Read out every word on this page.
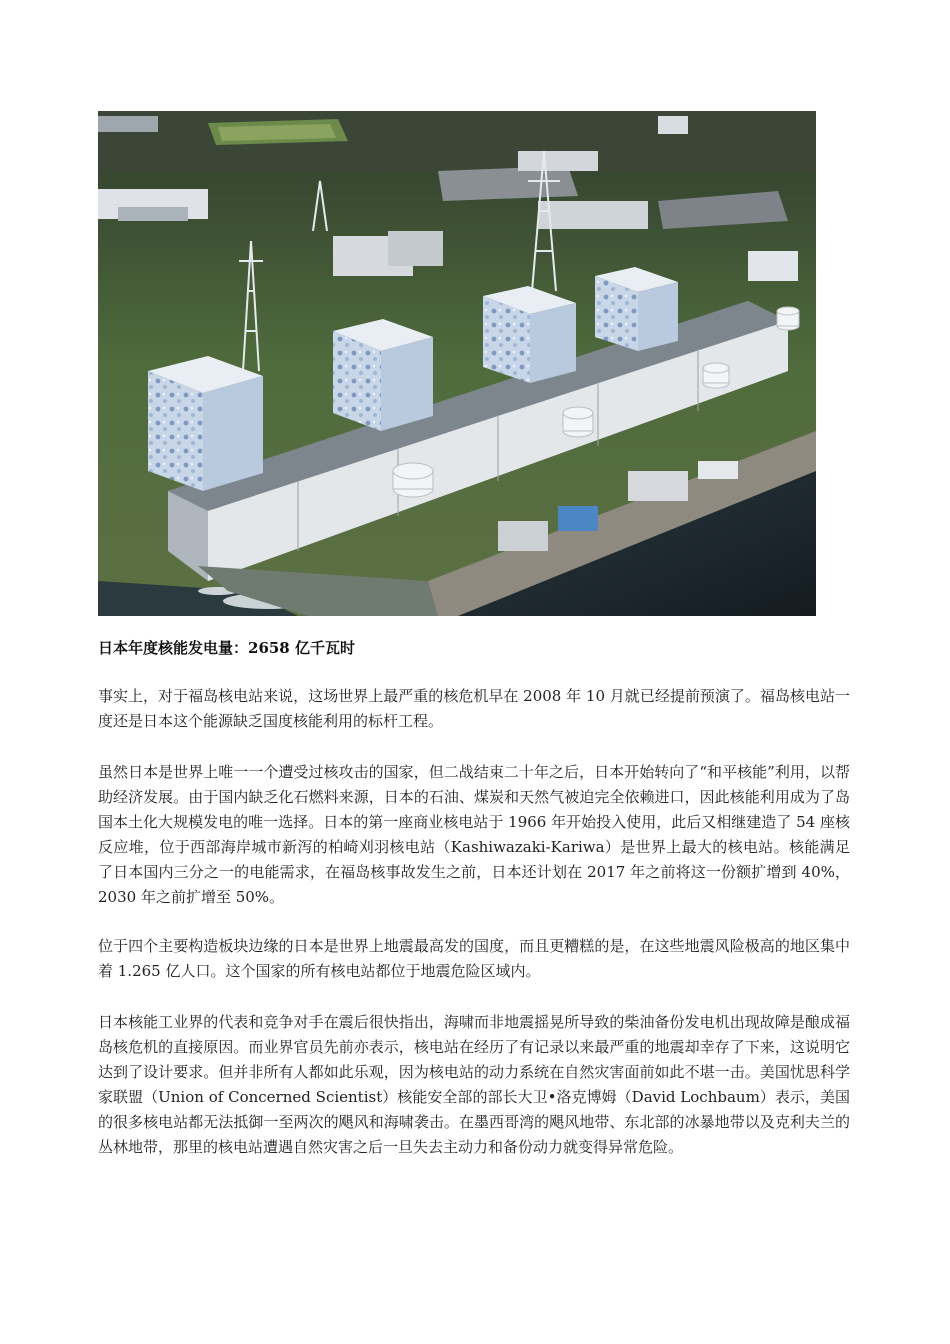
日本年度核能发电量：2658 亿千瓦时

事实上，对于福岛核电站来说，这场世界上最严重的核危机早在 2008 年 10 月就已经提前预演了。福岛核电站一度还是日本这个能源缺乏国度核能利用的标杆工程。

虽然日本是世界上唯一一个遭受过核攻击的国家，但二战结束二十年之后，日本开始转向了“和平核能”利用，以帮助经济发展。由于国内缺乏化石燃料来源，日本的石油、煤炭和天然气被迫完全依赖进口，因此核能利用成为了岛国本土化大规模发电的唯一选择。日本的第一座商业核电站于 1966 年开始投入使用，此后又相继建造了 54 座核反应堆，位于西部海岸城市新泻的柏崎刈羽核电站（Kashiwazaki-Kariwa）是世界上最大的核电站。核能满足了日本国内三分之一的电能需求，在福岛核事故发生之前，日本还计划在 2017 年之前将这一份额扩增到 40%，2030 年之前扩增至 50%。

位于四个主要构造板块边缘的日本是世界上地震最高发的国度，而且更糟糕的是，在这些地震风险极高的地区集中着 1.265 亿人口。这个国家的所有核电站都位于地震危险区域内。

日本核能工业界的代表和竞争对手在震后很快指出，海啸而非地震摇晃所导致的柴油备份发电机出现故障是酿成福岛核危机的直接原因。而业界官员先前亦表示，核电站在经历了有记录以来最严重的地震却幸存了下来，这说明它达到了设计要求。但并非所有人都如此乐观，因为核电站的动力系统在自然灾害面前如此不堪一击。美国忧思科学家联盟（Union of Concerned Scientist）核能安全部的部长大卫•洛克博姆（David Lochbaum）表示，美国的很多核电站都无法抵御一至两次的飓风和海啸袭击。在墨西哥湾的飓风地带、东北部的冰暴地带以及克利夫兰的丛林地带，那里的核电站遭遇自然灾害之后一旦失去主动力和备份动力就变得异常危险。
